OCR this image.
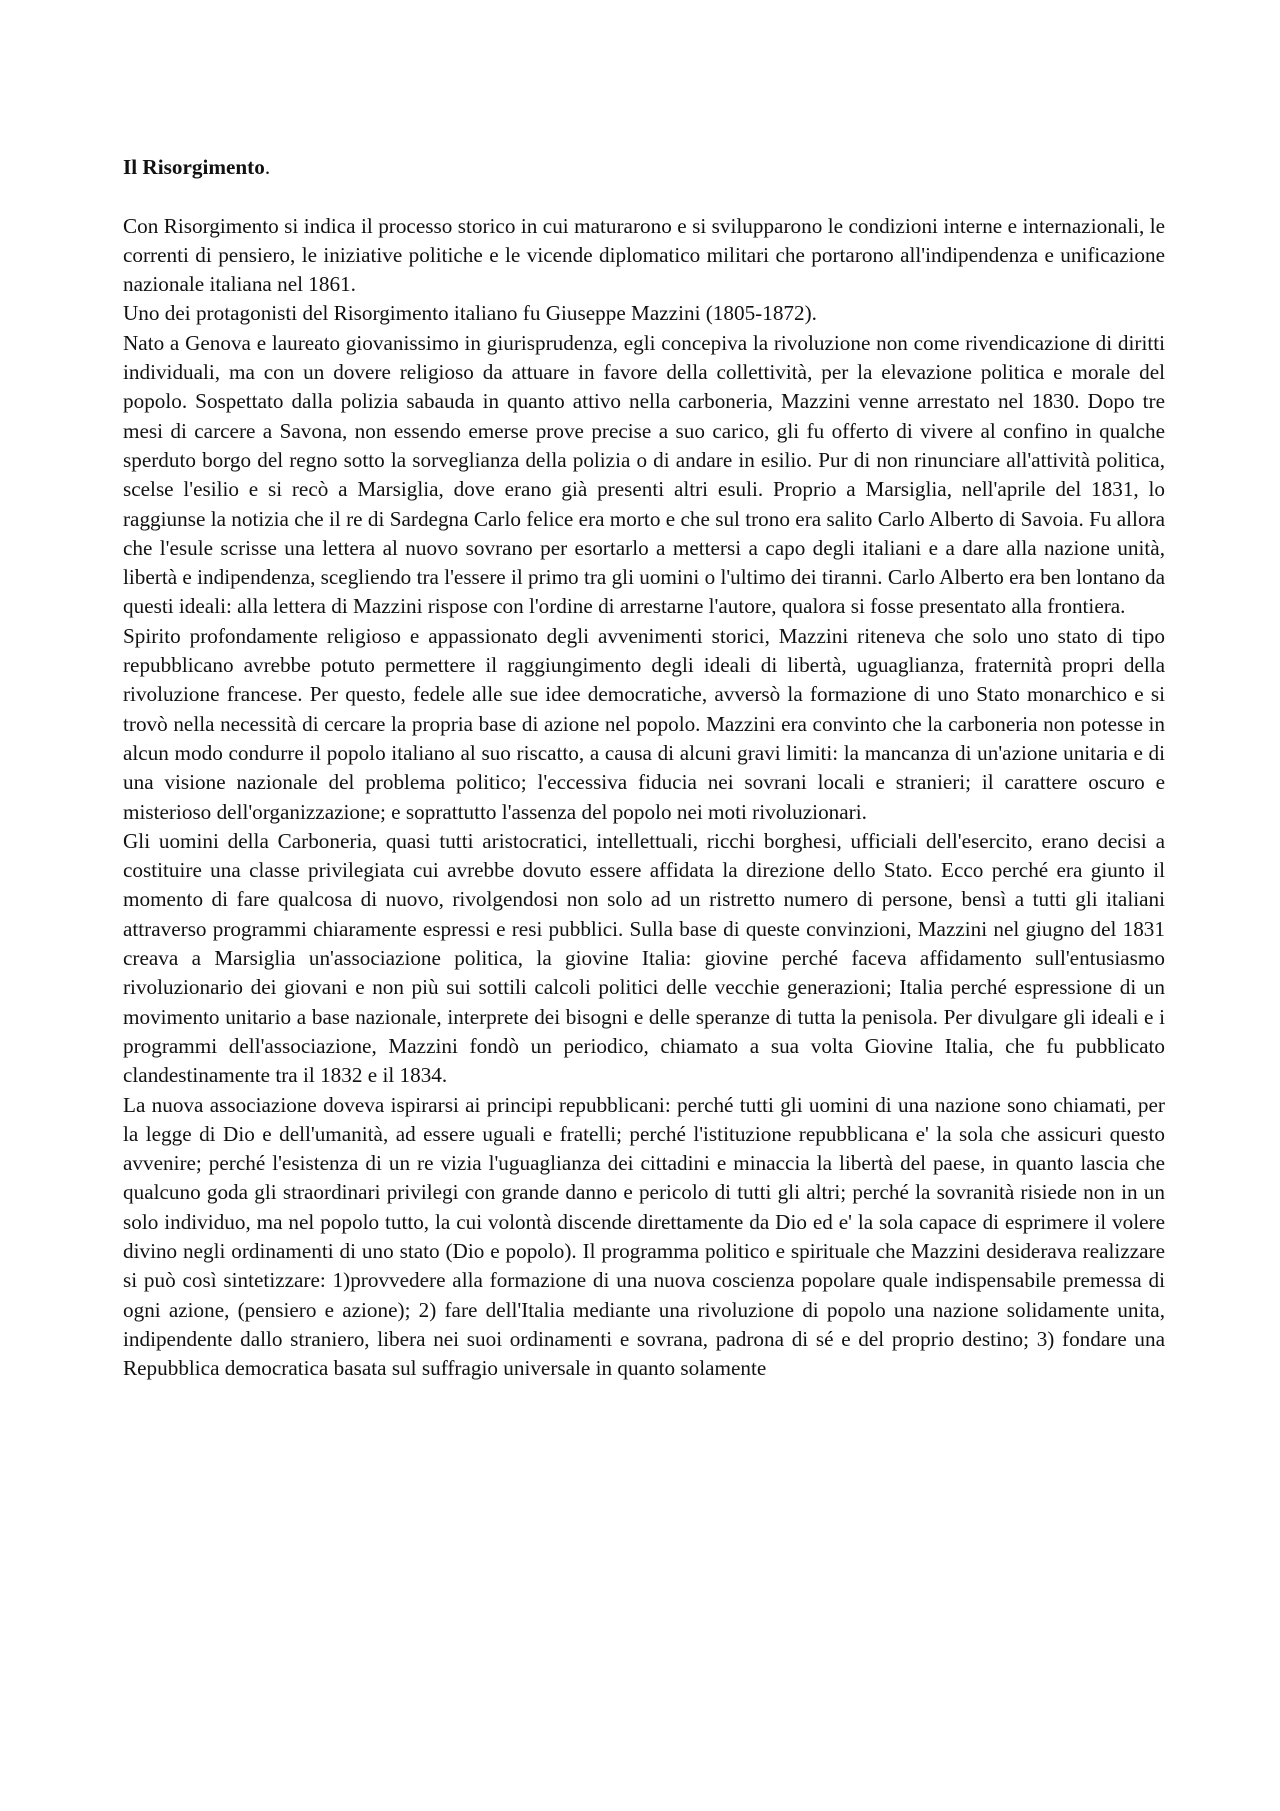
Il Risorgimento.

Con Risorgimento si indica il processo storico in cui maturarono e si svilupparono le condizioni interne e internazionali, le correnti di pensiero, le iniziative politiche e le vicende diplomatico militari che portarono all'indipendenza e unificazione nazionale italiana nel 1861.

Uno dei protagonisti del Risorgimento italiano fu Giuseppe Mazzini (1805-1872).

Nato a Genova e laureato giovanissimo in giurisprudenza, egli concepiva la rivoluzione non come rivendicazione di diritti individuali, ma con un dovere religioso da attuare in favore della collettività, per la elevazione politica e morale del popolo. Sospettato dalla polizia sabauda in quanto attivo nella carboneria, Mazzini venne arrestato nel 1830. Dopo tre mesi di carcere a Savona, non essendo emerse prove precise a suo carico, gli fu offerto di vivere al confino in qualche sperduto borgo del regno sotto la sorveglianza della polizia o di andare in esilio. Pur di non rinunciare all'attività politica, scelse l'esilio e si recò a Marsiglia, dove erano già presenti altri esuli. Proprio a Marsiglia, nell'aprile del 1831, lo raggiunse la notizia che il re di Sardegna Carlo felice era morto e che sul trono era salito Carlo Alberto di Savoia. Fu allora che l'esule scrisse una lettera al nuovo sovrano per esortarlo a mettersi a capo degli italiani e a dare alla nazione unità, libertà e indipendenza, scegliendo tra l'essere il primo tra gli uomini o l'ultimo dei tiranni. Carlo Alberto era ben lontano da questi ideali: alla lettera di Mazzini rispose con l'ordine di arrestarne l'autore, qualora si fosse presentato alla frontiera.

Spirito profondamente religioso e appassionato degli avvenimenti storici, Mazzini riteneva che solo uno stato di tipo repubblicano avrebbe potuto permettere il raggiungimento degli ideali di libertà, uguaglianza, fraternità propri della rivoluzione francese. Per questo, fedele alle sue idee democratiche, avversò la formazione di uno Stato monarchico e si trovò nella necessità di cercare la propria base di azione nel popolo. Mazzini era convinto che la carboneria non potesse in alcun modo condurre il popolo italiano al suo riscatto, a causa di alcuni gravi limiti: la mancanza di un'azione unitaria e di una visione nazionale del problema politico; l'eccessiva fiducia nei sovrani locali e stranieri; il carattere oscuro e misterioso dell'organizzazione; e soprattutto l'assenza del popolo nei moti rivoluzionari.

Gli uomini della Carboneria, quasi tutti aristocratici, intellettuali, ricchi borghesi, ufficiali dell'esercito, erano decisi a costituire una classe privilegiata cui avrebbe dovuto essere affidata la direzione dello Stato. Ecco perché era giunto il momento di fare qualcosa di nuovo, rivolgendosi non solo ad un ristretto numero di persone, bensì a tutti gli italiani attraverso programmi chiaramente espressi e resi pubblici. Sulla base di queste convinzioni, Mazzini nel giugno del 1831 creava a Marsiglia un'associazione politica, la giovine Italia: giovine perché faceva affidamento sull'entusiasmo rivoluzionario dei giovani e non più sui sottili calcoli politici delle vecchie generazioni; Italia perché espressione di un movimento unitario a base nazionale, interprete dei bisogni e delle speranze di tutta la penisola. Per divulgare gli ideali e i programmi dell'associazione, Mazzini fondò un periodico, chiamato a sua volta Giovine Italia, che fu pubblicato clandestinamente tra il 1832 e il 1834.

La nuova associazione doveva ispirarsi ai principi repubblicani: perché tutti gli uomini di una nazione sono chiamati, per la legge di Dio e dell'umanità, ad essere uguali e fratelli; perché l'istituzione repubblicana e' la sola che assicuri questo avvenire; perché l'esistenza di un re vizia l'uguaglianza dei cittadini e minaccia la libertà del paese, in quanto lascia che qualcuno goda gli straordinari privilegi con grande danno e pericolo di tutti gli altri; perché la sovranità risiede non in un solo individuo, ma nel popolo tutto, la cui volontà discende direttamente da Dio ed e' la sola capace di esprimere il volere divino negli ordinamenti di uno stato (Dio e popolo). Il programma politico e spirituale che Mazzini desiderava realizzare si può così sintetizzare: 1)provvedere alla formazione di una nuova coscienza popolare quale indispensabile premessa di ogni azione, (pensiero e azione); 2) fare dell'Italia mediante una rivoluzione di popolo una nazione solidamente unita, indipendente dallo straniero, libera nei suoi ordinamenti e sovrana, padrona di sé e del proprio destino; 3) fondare una Repubblica democratica basata sul suffragio universale in quanto solamente
